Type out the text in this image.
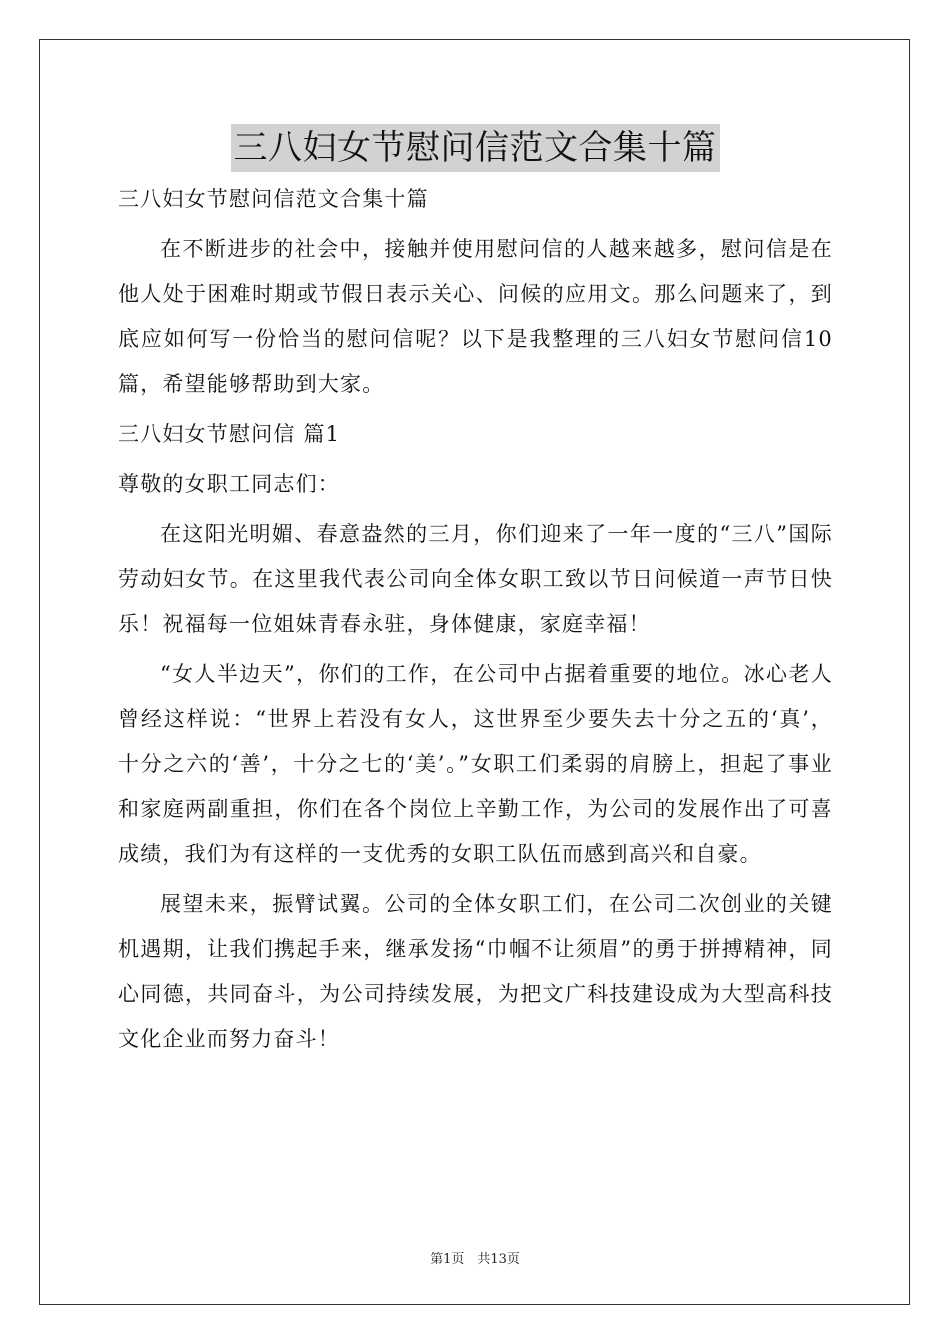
三八妇女节慰问信范文合集十篇

三八妇女节慰问信范文合集十篇

在不断进步的社会中，接触并使用慰问信的人越来越多，慰问信是在他人处于困难时期或节假日表示关心、问候的应用文。那么问题来了，到底应如何写一份恰当的慰问信呢？以下是我整理的三八妇女节慰问信10篇，希望能够帮助到大家。

三八妇女节慰问信 篇1

尊敬的女职工同志们：

在这阳光明媚、春意盎然的三月，你们迎来了一年一度的“三八”国际劳动妇女节。在这里我代表公司向全体女职工致以节日问候道一声节日快乐！祝福每一位姐妹青春永驻，身体健康，家庭幸福！

“女人半边天”，你们的工作，在公司中占据着重要的地位。冰心老人曾经这样说：“世界上若没有女人，这世界至少要失去十分之五的‘真’，十分之六的‘善’，十分之七的‘美’。”女职工们柔弱的肩膀上，担起了事业和家庭两副重担，你们在各个岗位上辛勤工作，为公司的发展作出了可喜成绩，我们为有这样的一支优秀的女职工队伍而感到高兴和自豪。

展望未来，振臂试翼。公司的全体女职工们，在公司二次创业的关键机遇期，让我们携起手来，继承发扬“巾帼不让须眉”的勇于拼搏精神，同心同德，共同奋斗，为公司持续发展，为把文广科技建设成为大型高科技文化企业而努力奋斗！

第1页　共13页
